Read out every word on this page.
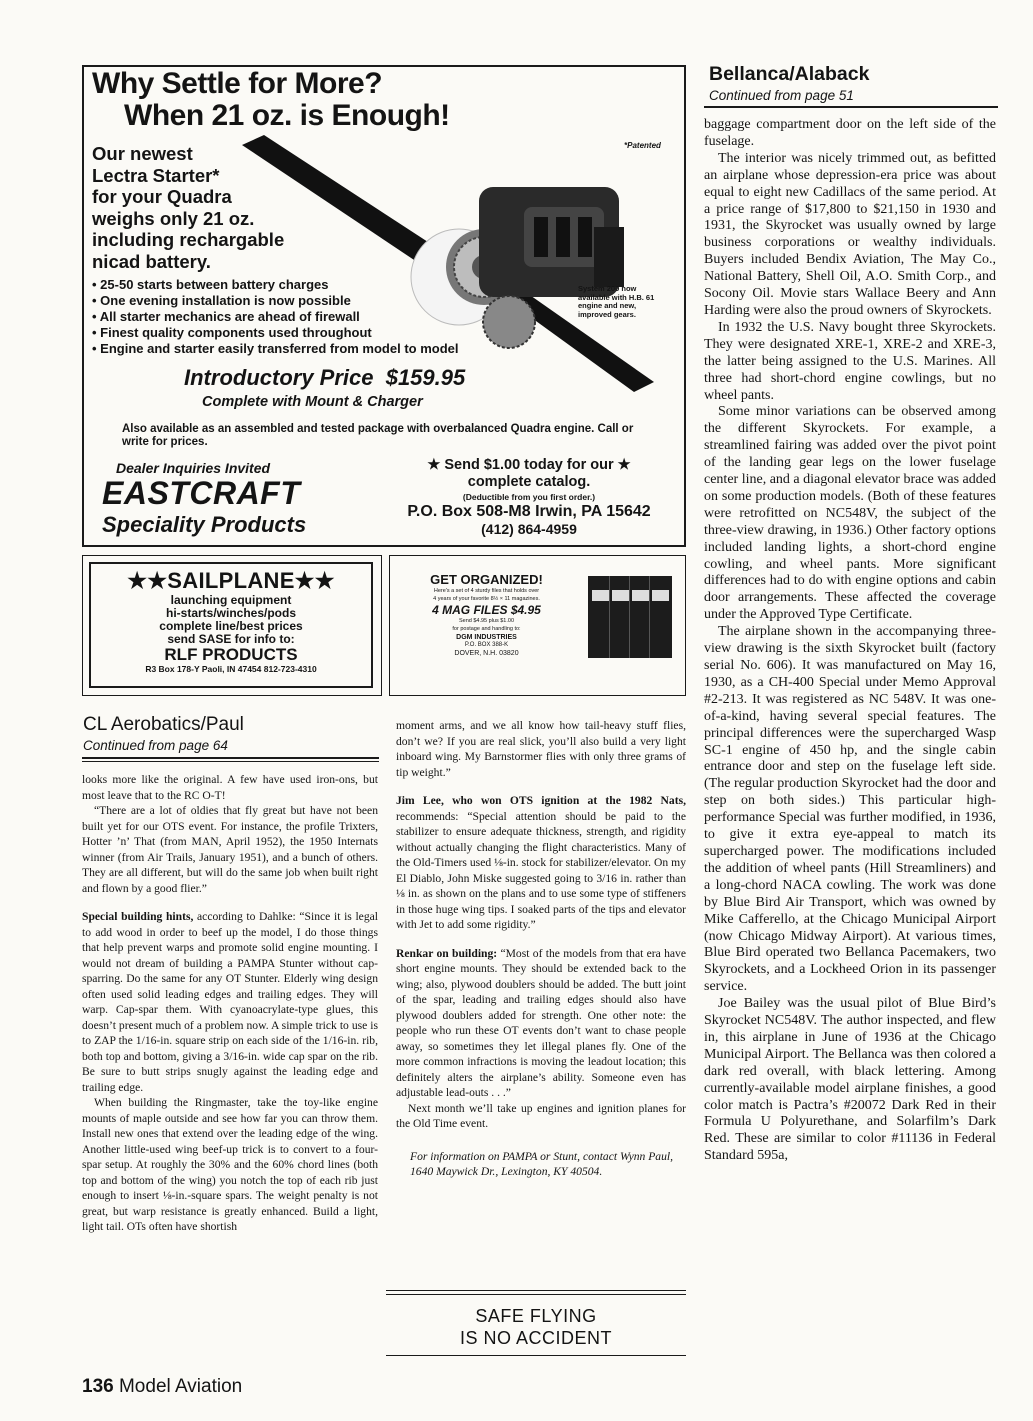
Why Settle for More?
When 21 oz. is Enough!
*Patented
Our newest
Lectra Starter*
for your Quadra
weighs only 21 oz.
including rechargable
nicad battery.
System 200 now
available with H.B. 61
engine and new,
improved gears.
• 25-50 starts between battery charges
• One evening installation is now possible
• All starter mechanics are ahead of firewall
• Finest quality components used throughout
• Engine and starter easily transferred from model to model
Introductory Price  $159.95
Complete with Mount & Charger
Also available as an assembled and tested package with overbalanced Quadra engine. Call or write for prices.
Dealer Inquiries Invited
EASTCRAFT
Speciality Products
★ Send $1.00 today for our ★
complete catalog.
(Deductible from you first order.)
P.O. Box 508-M8 Irwin, PA 15642
(412) 864-4959
★★SAILPLANE★★
launching equipment
hi-starts/winches/pods
complete line/best prices
send SASE for info to:
RLF PRODUCTS
R3 Box 178-Y Paoli, IN 47454 812-723-4310
GET ORGANIZED!
Here's a set of 4 sturdy files that holds over
4 years of your favorite 8½ × 11 magazines.
4 MAG FILES $4.95
Send $4.95 plus $1.00
for postage and handling to:
DGM INDUSTRIES
P.O. BOX 388-K
DOVER, N.H. 03820
CL Aerobatics/Paul
Continued from page 64

looks more like the original. A few have used iron-ons, but most leave that to the RC O-T!

“There are a lot of oldies that fly great but have not been built yet for our OTS event. For instance, the profile Trixters, Hotter ’n’ That (from MAN, April 1952), the 1950 Internats winner (from Air Trails, January 1951), and a bunch of others. They are all different, but will do the same job when built right and flown by a good flier.”

Special building hints, according to Dahlke: “Since it is legal to add wood in order to beef up the model, I do those things that help prevent warps and promote solid engine mounting. I would not dream of building a PAMPA Stunter without cap-sparring. Do the same for any OT Stunter. Elderly wing design often used solid leading edges and trailing edges. They will warp. Cap-spar them. With cyanoacrylate-type glues, this doesn’t present much of a problem now. A simple trick to use is to ZAP the 1/16-in. square strip on each side of the 1/16-in. rib, both top and bottom, giving a 3/16-in. wide cap spar on the rib. Be sure to butt strips snugly against the leading edge and trailing edge.

When building the Ringmaster, take the toy-like engine mounts of maple outside and see how far you can throw them. Install new ones that extend over the leading edge of the wing. Another little-used wing beef-up trick is to convert to a four-spar setup. At roughly the 30% and the 60% chord lines (both top and bottom of the wing) you notch the top of each rib just enough to insert ⅛-in.-square spars. The weight penalty is not great, but warp resistance is greatly enhanced. Build a light, light tail. OTs often have shortish

moment arms, and we all know how tail-heavy stuff flies, don’t we? If you are real slick, you’ll also build a very light inboard wing. My Barnstormer flies with only three grams of tip weight.”

Jim Lee, who won OTS ignition at the 1982 Nats, recommends: “Special attention should be paid to the stabilizer to ensure adequate thickness, strength, and rigidity without actually changing the flight characteristics. Many of the Old-Timers used ⅛-in. stock for stabilizer/elevator. On my El Diablo, John Miske suggested going to 3/16 in. rather than ⅛ in. as shown on the plans and to use some type of stiffeners in those huge wing tips. I soaked parts of the tips and elevator with Jet to add some rigidity.”

Renkar on building: “Most of the models from that era have short engine mounts. They should be extended back to the wing; also, plywood doublers should be added. The butt joint of the spar, leading and trailing edges should also have plywood doublers added for strength. One other note: the people who run these OT events don’t want to chase people away, so sometimes they let illegal planes fly. One of the more common infractions is moving the leadout location; this definitely alters the airplane’s ability. Someone even has adjustable lead-outs . . .”

Next month we’ll take up engines and ignition planes for the Old Time event.

For information on PAMPA or Stunt, contact Wynn Paul, 1640 Maywick Dr., Lexington, KY 40504.

SAFE FLYING
IS NO ACCIDENT
Bellanca/Alaback
Continued from page 51

baggage compartment door on the left side of the fuselage.

The interior was nicely trimmed out, as befitted an airplane whose depression-era price was about equal to eight new Cadillacs of the same period. At a price range of $17,800 to $21,150 in 1930 and 1931, the Skyrocket was usually owned by large business corporations or wealthy individuals. Buyers included Bendix Aviation, The May Co., National Battery, Shell Oil, A.O. Smith Corp., and Socony Oil. Movie stars Wallace Beery and Ann Harding were also the proud owners of Skyrockets.

In 1932 the U.S. Navy bought three Skyrockets. They were designated XRE-1, XRE-2 and XRE-3, the latter being assigned to the U.S. Marines. All three had short-chord engine cowlings, but no wheel pants.

Some minor variations can be observed among the different Skyrockets. For example, a streamlined fairing was added over the pivot point of the landing gear legs on the lower fuselage center line, and a diagonal elevator brace was added on some production models. (Both of these features were retrofitted on NC548V, the subject of the three-view drawing, in 1936.) Other factory options included landing lights, a short-chord engine cowling, and wheel pants. More significant differences had to do with engine options and cabin door arrangements. These affected the coverage under the Approved Type Certificate.

The airplane shown in the accompanying three-view drawing is the sixth Skyrocket built (factory serial No. 606). It was manufactured on May 16, 1930, as a CH-400 Special under Memo Approval #2-213. It was registered as NC 548V. It was one-of-a-kind, having several special features. The principal differences were the supercharged Wasp SC-1 engine of 450 hp, and the single cabin entrance door and step on the fuselage left side. (The regular production Skyrocket had the door and step on both sides.) This particular high-performance Special was further modified, in 1936, to give it extra eye-appeal to match its supercharged power. The modifications included the addition of wheel pants (Hill Streamliners) and a long-chord NACA cowling. The work was done by Blue Bird Air Transport, which was owned by Mike Cafferello, at the Chicago Municipal Airport (now Chicago Midway Airport). At various times, Blue Bird operated two Bellanca Pacemakers, two Skyrockets, and a Lockheed Orion in its passenger service.

Joe Bailey was the usual pilot of Blue Bird’s Skyrocket NC548V. The author inspected, and flew in, this airplane in June of 1936 at the Chicago Municipal Airport. The Bellanca was then colored a dark red overall, with black lettering. Among currently-available model airplane finishes, a good color match is Pactra’s #20072 Dark Red in their Formula U Polyurethane, and Solarfilm’s Dark Red. These are similar to color #11136 in Federal Standard 595a,

136 Model Aviation
